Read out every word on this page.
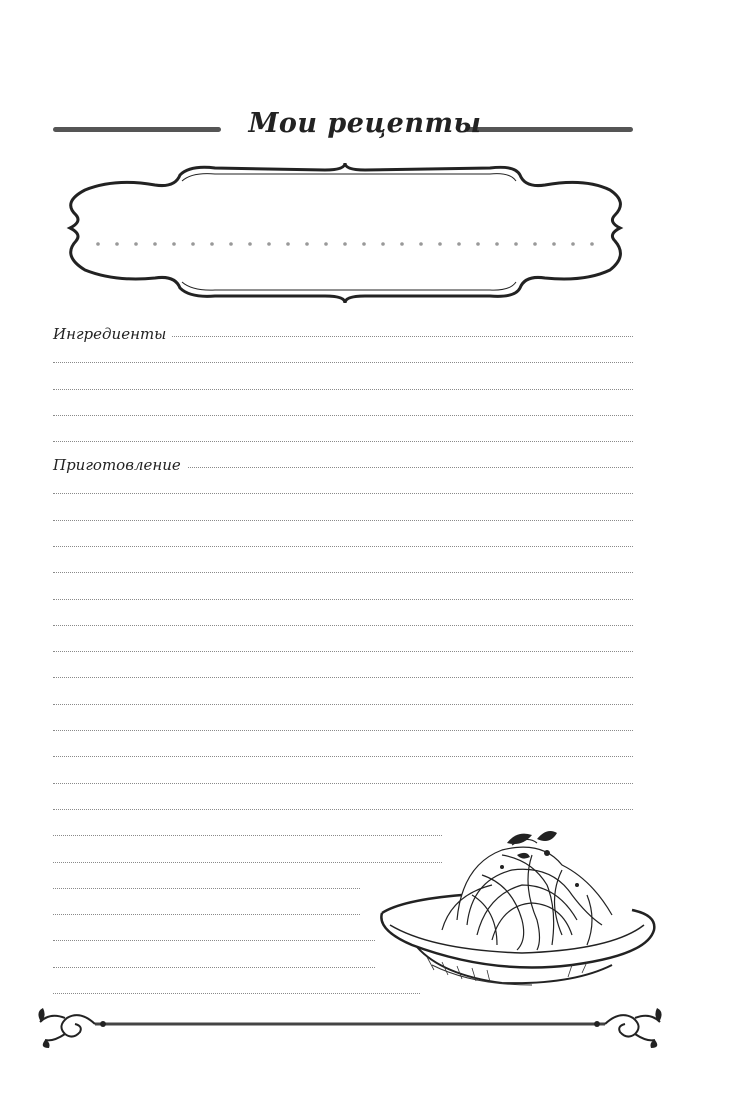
Мои рецепты
Ингредиенты
Приготовление
